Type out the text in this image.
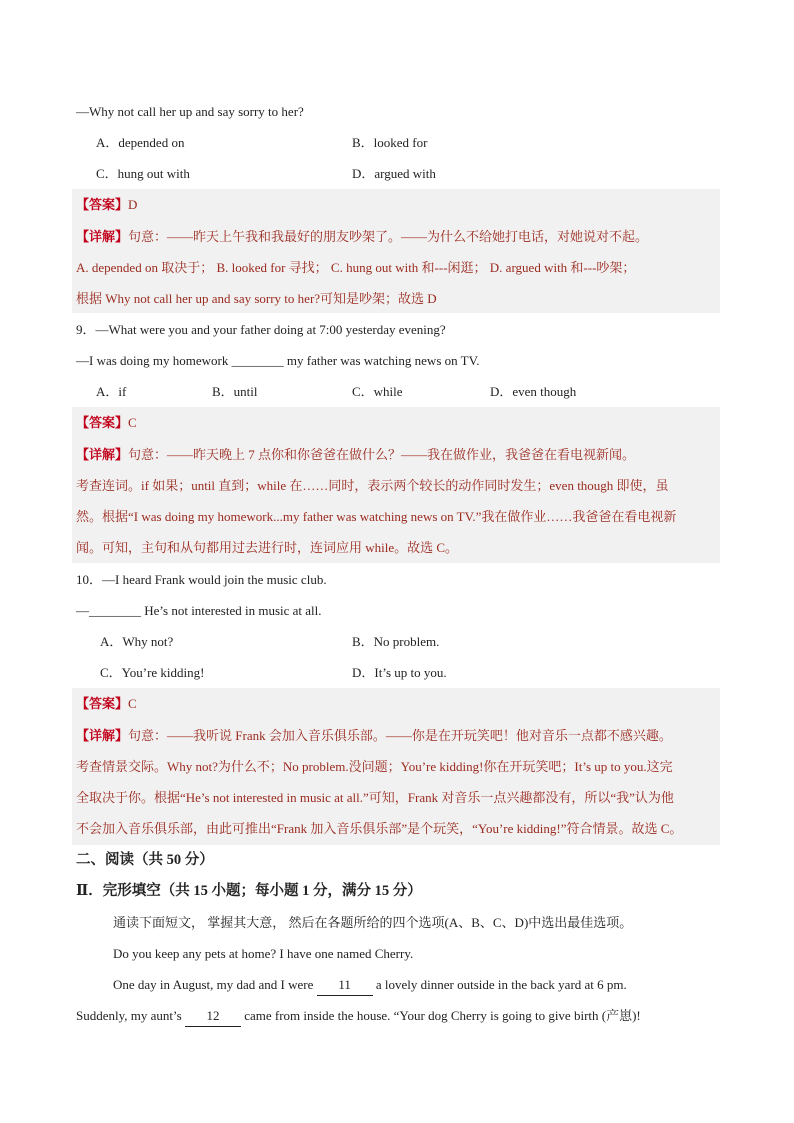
—Why not call her up and say sorry to her?
A．depended on	B．looked for
C．hung out with	D．argued with
【答案】D
【详解】句意：——昨天上午我和我最好的朋友吵架了。——为什么不给她打电话，对她说对不起。
A. depended on 取决于； B. looked for 寻找； C. hung out with 和---闲逛； D. argued with 和---吵架；
根据 Why not call her up and say sorry to her?可知是吵架；故选 D
9．—What were you and your father doing at 7:00 yesterday evening?
—I was doing my homework ________ my father was watching news on TV.
A．if	B．until	C．while	D．even though
【答案】C
【详解】句意：——昨天晚上 7 点你和你爸爸在做什么？——我在做作业，我爸爸在看电视新闻。
考查连词。if 如果；until 直到；while 在……同时，表示两个较长的动作同时发生；even though 即使，虽
然。根据“I was doing my homework...my father was watching news on TV.”我在做作业……我爸爸在看电视新
闻。可知，主句和从句都用过去进行时，连词应用 while。故选 C。
10．—I heard Frank would join the music club.
—________ He’s not interested in music at all.
A．Why not?	B．No problem.
C．You’re kidding!	D．It’s up to you.
【答案】C
【详解】句意：——我听说 Frank 会加入音乐俱乐部。——你是在开玩笑吧！他对音乐一点都不感兴趣。
考查情景交际。Why not?为什么不；No problem.没问题；You’re kidding!你在开玩笑吧；It’s up to you.这完
全取决于你。根据“He’s not interested in music at all.”可知，Frank 对音乐一点兴趣都没有，所以“我”认为他
不会加入音乐俱乐部，由此可推出“Frank 加入音乐俱乐部”是个玩笑，“You’re kidding!”符合情景。故选 C。
二、阅读（共 50 分）
Ⅱ．完形填空（共 15 小题；每小题 1 分，满分 15 分）
通读下面短文， 掌握其大意， 然后在各题所给的四个选项(A、B、C、D)中选出最佳选项。
Do you keep any pets at home? I have one named Cherry.
One day in August, my dad and I were 11 a lovely dinner outside in the back yard at 6 pm.
Suddenly, my aunt’s 12 came from inside the house. “Your dog Cherry is going to give birth (产崽)!
